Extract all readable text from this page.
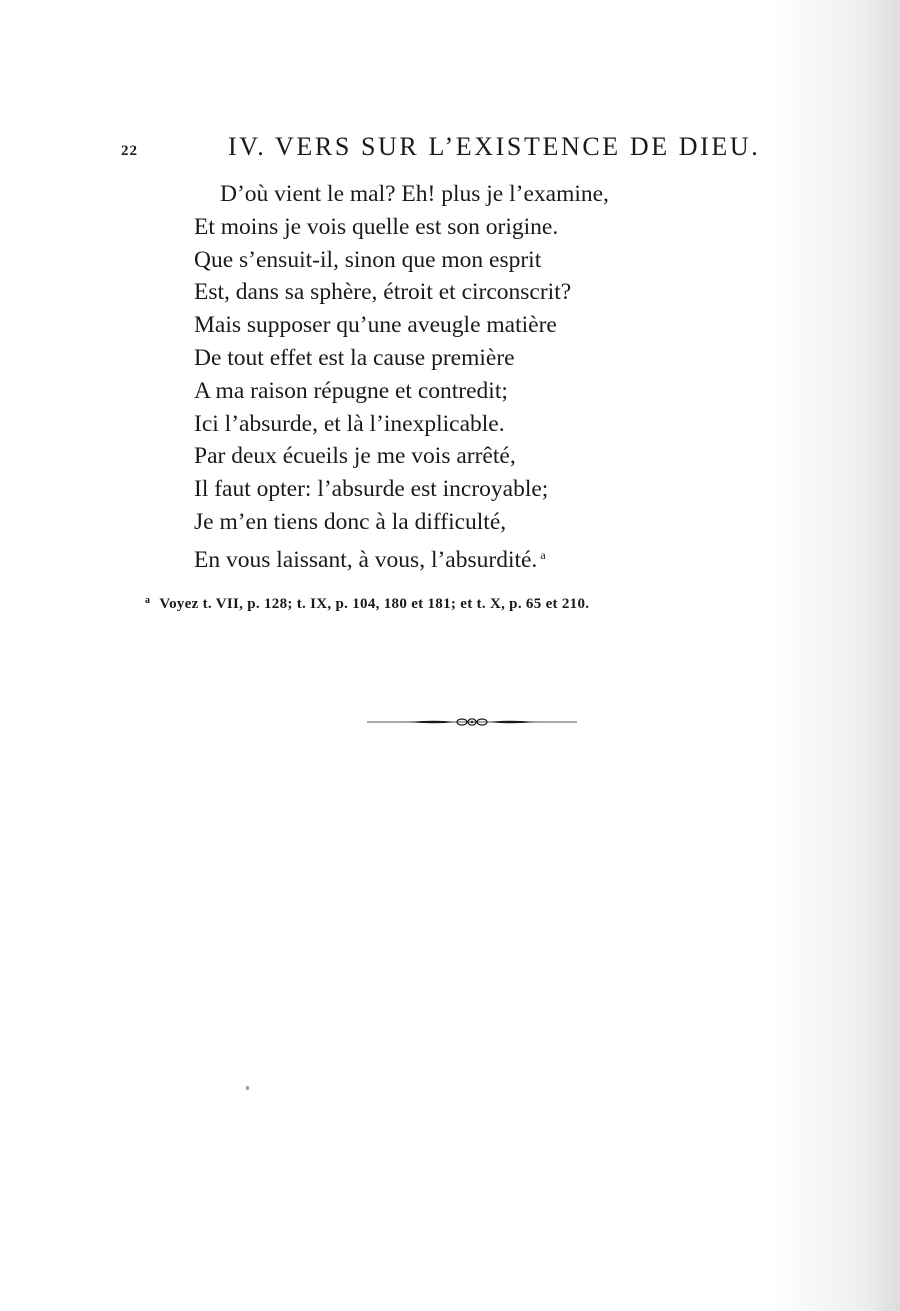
22	IV. VERS SUR L’EXISTENCE DE DIEU.
D’où vient le mal? Eh! plus je l’examine,
Et moins je vois quelle est son origine.
Que s’ensuit-il, sinon que mon esprit
Est, dans sa sphère, étroit et circonscrit?
Mais supposer qu’une aveugle matière
De tout effet est la cause première
A ma raison répugne et contredit;
Ici l’absurde, et là l’inexplicable.
Par deux écueils je me vois arrêté,
Il faut opter: l’absurde est incroyable;
Je m’en tiens donc à la difficulté,
En vous laissant, à vous, l’absurdité. $^a$
$^a$ Voyez t. VII, p. 128; t. IX, p. 104, 180 et 181; et t. X, p. 65 et 210.
